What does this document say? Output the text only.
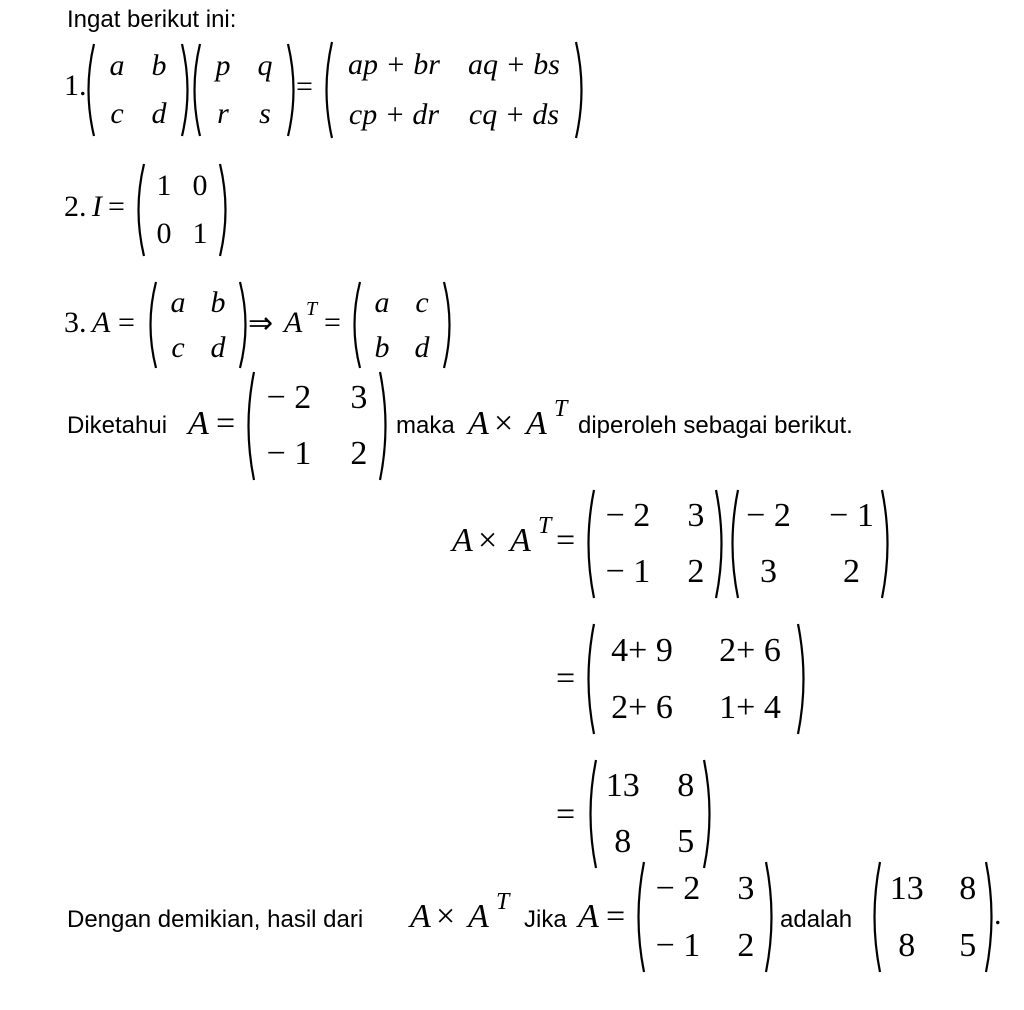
Ingat berikut ini:
1.
a b
c d
p q
r s
=
ap + br aq + bs
cp + dr cq + ds
2. I =
1 0
0 1
3. A =
a b
c d
⇒ A T =
a c
b d
Diketahui A =
− 2 3
− 1 2
maka A × A T
diperoleh sebagai berikut.
A × A T =
− 2 3
− 1 2
− 2 − 1
3 2
=
4+ 9 2+ 6
2+ 6 1+ 4
=
13 8
8 5
Dengan demikian, hasil dari A × A T
Jika A =
− 2 3
− 1 2
adalah
13 8
8 5
.
